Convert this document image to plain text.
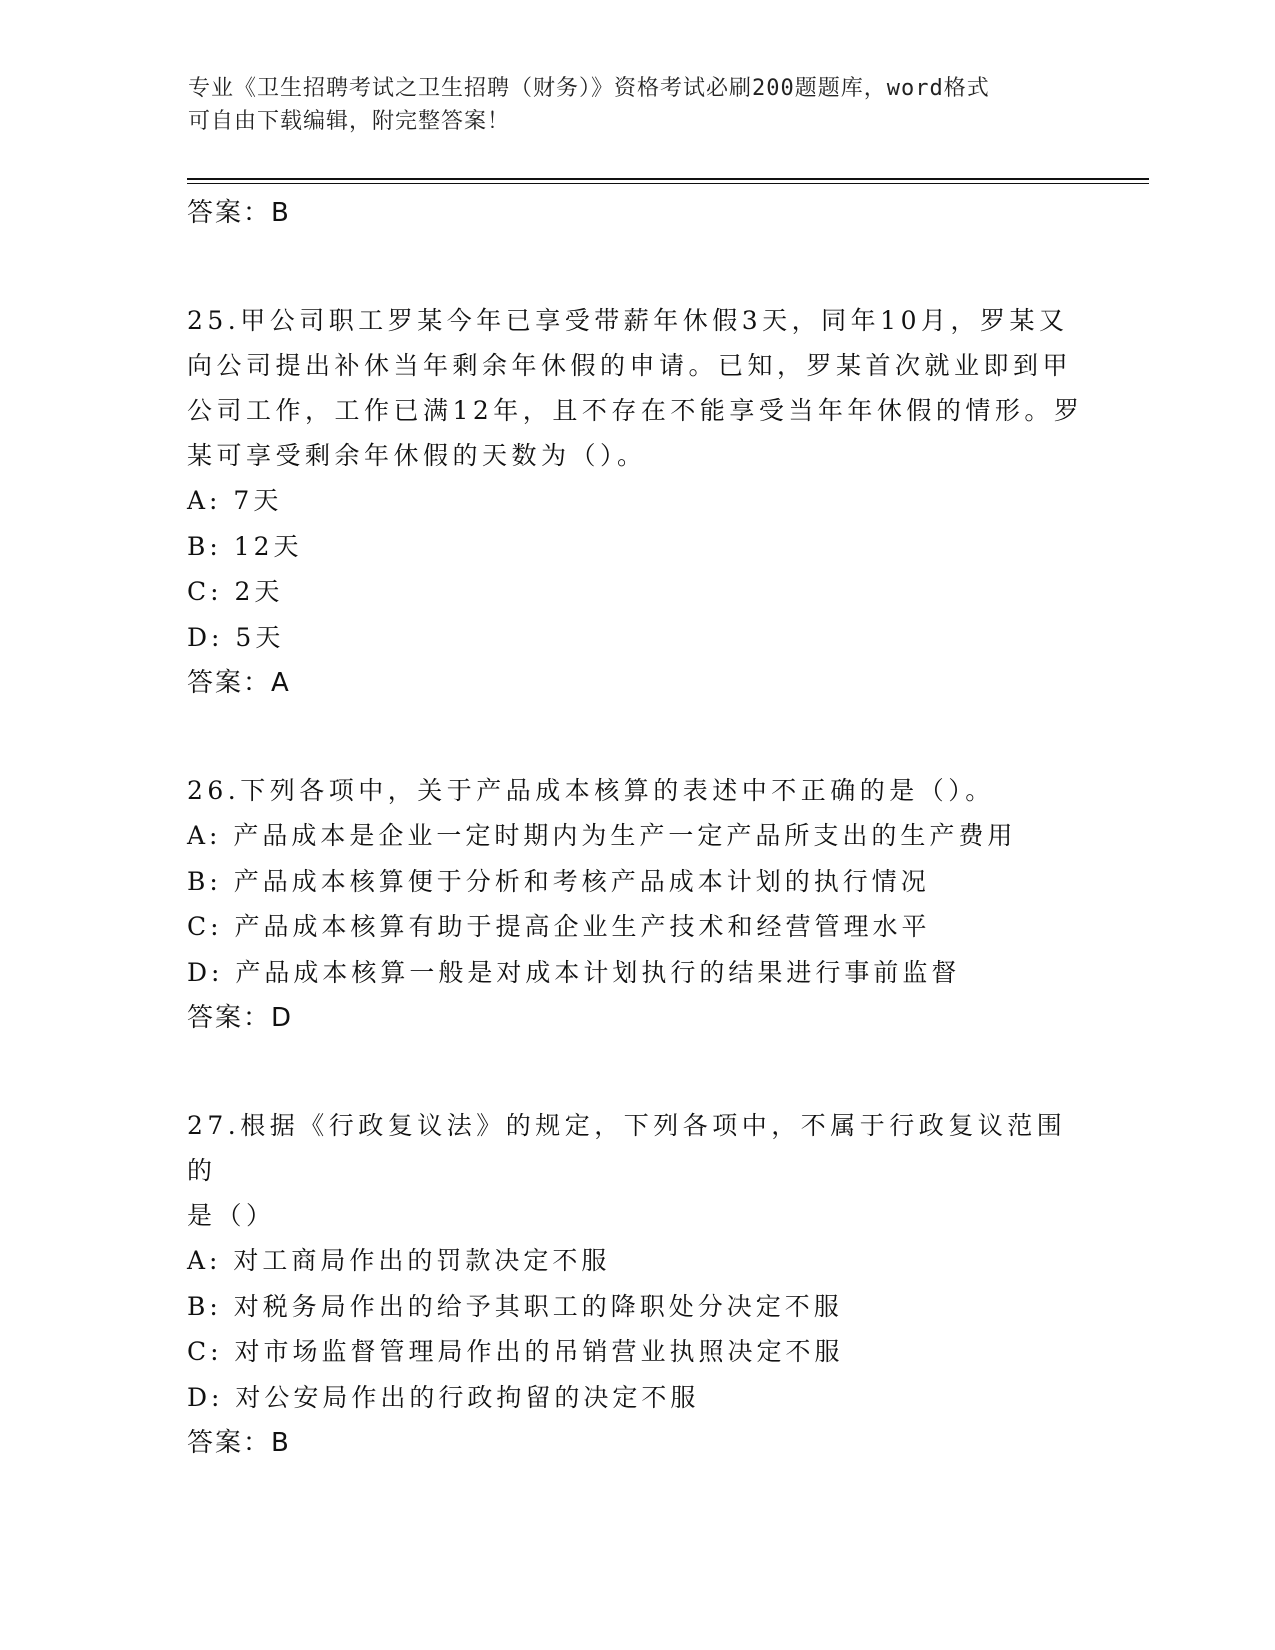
专业《卫生招聘考试之卫生招聘（财务）》资格考试必刷200题题库，word格式
可自由下载编辑，附完整答案！
答案：B
25.甲公司职工罗某今年已享受带薪年休假3天，同年10月，罗某又
向公司提出补休当年剩余年休假的申请。已知，罗某首次就业即到甲
公司工作，工作已满12年，且不存在不能享受当年年休假的情形。罗
某可享受剩余年休假的天数为（）。
A: 7天
B: 12天
C: 2天
D: 5天
答案：A
26.下列各项中，关于产品成本核算的表述中不正确的是（）。
A: 产品成本是企业一定时期内为生产一定产品所支出的生产费用
B: 产品成本核算便于分析和考核产品成本计划的执行情况
C: 产品成本核算有助于提高企业生产技术和经营管理水平
D: 产品成本核算一般是对成本计划执行的结果进行事前监督
答案：D
27.根据《行政复议法》的规定，下列各项中，不属于行政复议范围的
是（）
A: 对工商局作出的罚款决定不服
B: 对税务局作出的给予其职工的降职处分决定不服
C: 对市场监督管理局作出的吊销营业执照决定不服
D: 对公安局作出的行政拘留的决定不服
答案：B
